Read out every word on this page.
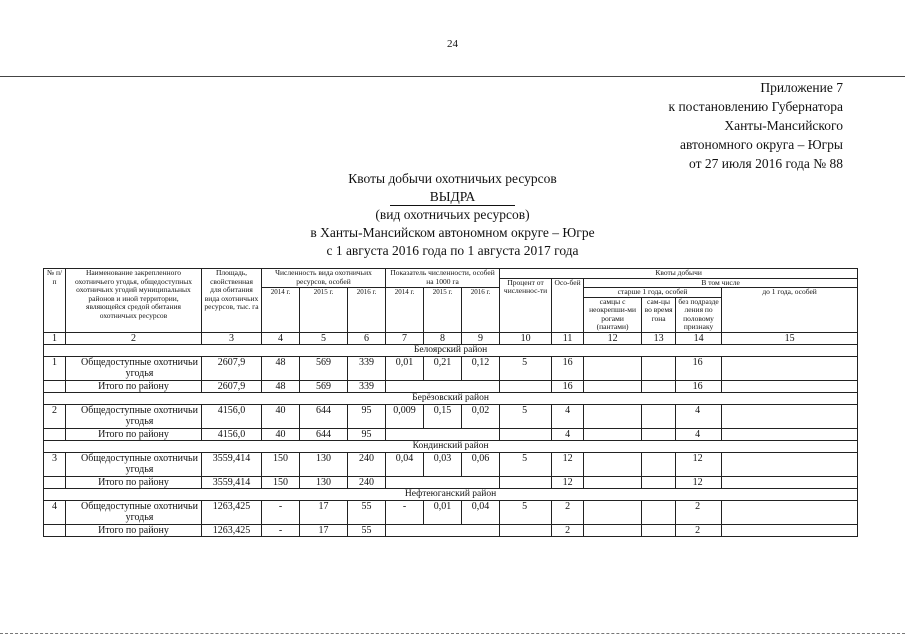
24
Приложение 7
к постановлению Губернатора
Ханты-Мансийского
автономного округа – Югры
от 27 июля 2016 года № 88
Квоты добычи охотничьих ресурсов
ВЫДРА
(вид охотничьих ресурсов)
в Ханты-Мансийском автономном округе – Югре
с 1 августа 2016 года по 1 августа 2017 года
№ п/п	Наименование закрепленного охотничьего угодья, общедоступных охотничьих угодий муниципальных районов и иной территории, являющейся средой обитания охотничьих ресурсов	Площадь, свойственная для обитания вида охотничьих ресурсов, тыс. га	Численность вида охотничьих ресурсов, особей			Показатель численности, особей на 1000 га			Квоты добычи					
									Процент от численнос-ти	Осо-бей	В том числе			
			2014 г.	2015 г.	2016 г.	2014 г.	2015 г.	2016 г.			старше 1 года, особей			до 1 года, особей
											самцы с неокрепши-ми рогами (пантами)	сам-цы во время гона	без подразде ления по половому признаку	
1	2	3	4	5	6	7	8	9	10	11	12	13	14	15
Белоярский район														
1	Общедоступные охотничьи угодья	2607,9	48	569	339	0,01	0,21	0,12	5	16			16	
	Итого по району	2607,9	48	569	339					16			16	
Берёзовский район														
2	Общедоступные охотничьи угодья	4156,0	40	644	95	0,009	0,15	0,02	5	4			4	
	Итого по району	4156,0	40	644	95					4			4	
Кондинский район														
3	Общедоступные охотничьи угодья	3559,414	150	130	240	0,04	0,03	0,06	5	12			12	
	Итого по району	3559,414	150	130	240					12			12	
Нефтеюганский район														
4	Общедоступные охотничьи угодья	1263,425	-	17	55	-	0,01	0,04	5	2			2	
	Итого по району	1263,425	-	17	55					2			2	
